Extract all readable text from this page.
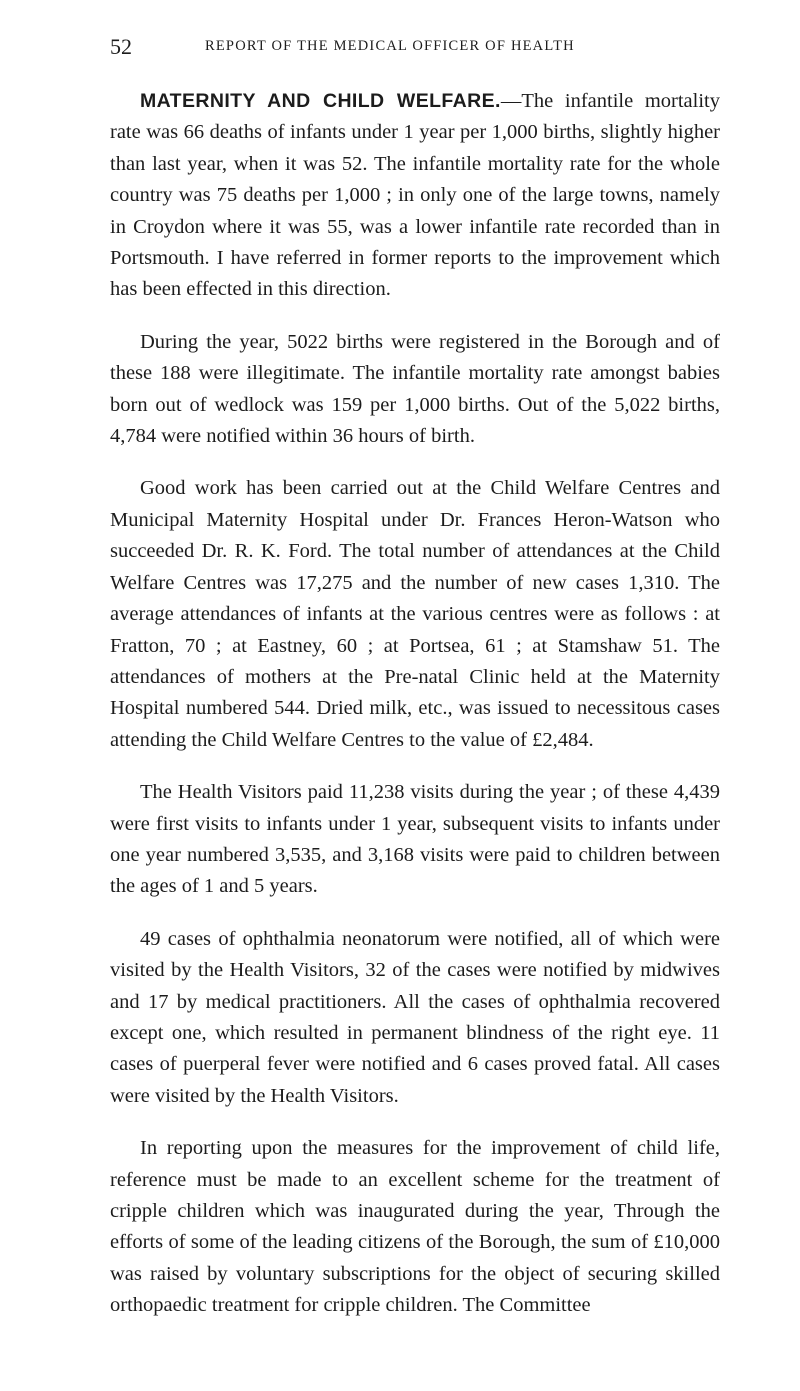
52	REPORT OF THE MEDICAL OFFICER OF HEALTH

MATERNITY AND CHILD WELFARE.—The infantile mortality rate was 66 deaths of infants under 1 year per 1,000 births, slightly higher than last year, when it was 52. The infantile mortality rate for the whole country was 75 deaths per 1,000 ; in only one of the large towns, namely in Croydon where it was 55, was a lower infantile rate recorded than in Portsmouth. I have referred in former reports to the improvement which has been effected in this direction.

During the year, 5022 births were registered in the Borough and of these 188 were illegitimate. The infantile mortality rate amongst babies born out of wedlock was 159 per 1,000 births. Out of the 5,022 births, 4,784 were notified within 36 hours of birth.

Good work has been carried out at the Child Welfare Centres and Municipal Maternity Hospital under Dr. Frances Heron-Watson who succeeded Dr. R. K. Ford. The total number of attendances at the Child Welfare Centres was 17,275 and the number of new cases 1,310. The average attendances of infants at the various centres were as follows : at Fratton, 70 ; at Eastney, 60 ; at Portsea, 61 ; at Stamshaw 51. The attendances of mothers at the Pre-natal Clinic held at the Maternity Hospital numbered 544. Dried milk, etc., was issued to necessitous cases attending the Child Welfare Centres to the value of £2,484.

The Health Visitors paid 11,238 visits during the year ; of these 4,439 were first visits to infants under 1 year, subsequent visits to infants under one year numbered 3,535, and 3,168 visits were paid to children between the ages of 1 and 5 years.

49 cases of ophthalmia neonatorum were notified, all of which were visited by the Health Visitors, 32 of the cases were notified by midwives and 17 by medical practitioners. All the cases of ophthalmia recovered except one, which resulted in permanent blindness of the right eye. 11 cases of puerperal fever were notified and 6 cases proved fatal. All cases were visited by the Health Visitors.

In reporting upon the measures for the improvement of child life, reference must be made to an excellent scheme for the treatment of cripple children which was inaugurated during the year, Through the efforts of some of the leading citizens of the Borough, the sum of £10,000 was raised by voluntary subscriptions for the object of securing skilled orthopaedic treatment for cripple children. The Committee
